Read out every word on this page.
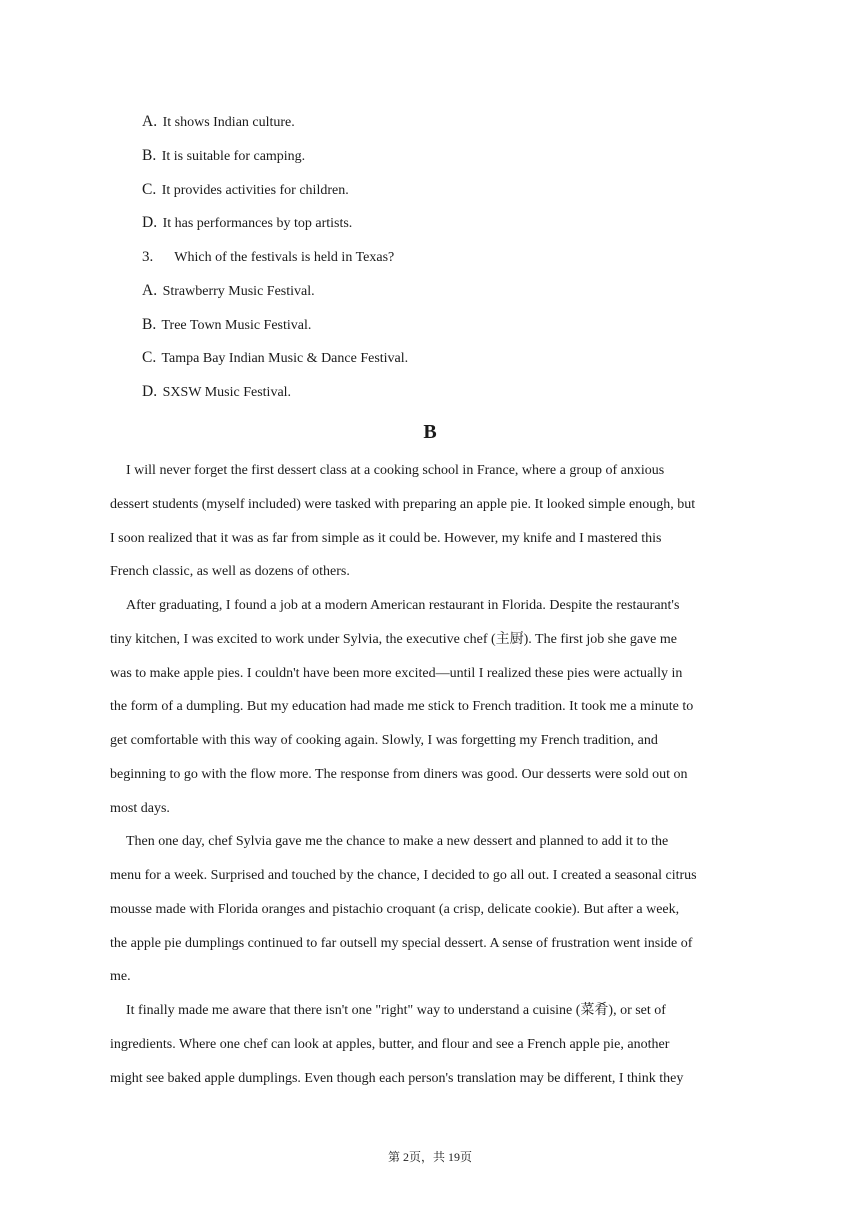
A. It shows Indian culture.
B. It is suitable for camping.
C. It provides activities for children.
D. It has performances by top artists.
3. Which of the festivals is held in Texas?
A. Strawberry Music Festival.
B. Tree Town Music Festival.
C. Tampa Bay Indian Music & Dance Festival.
D. SXSW Music Festival.
B
I will never forget the first dessert class at a cooking school in France, where a group of anxious
dessert students (myself included) were tasked with preparing an apple pie. It looked simple enough, but
I soon realized that it was as far from simple as it could be. However, my knife and I mastered this
French classic, as well as dozens of others.
After graduating, I found a job at a modern American restaurant in Florida. Despite the restaurant's
tiny kitchen, I was excited to work under Sylvia, the executive chef (主厨). The first job she gave me
was to make apple pies. I couldn't have been more excited—until I realized these pies were actually in
the form of a dumpling. But my education had made me stick to French tradition. It took me a minute to
get comfortable with this way of cooking again. Slowly, I was forgetting my French tradition, and
beginning to go with the flow more. The response from diners was good. Our desserts were sold out on
most days.
Then one day, chef Sylvia gave me the chance to make a new dessert and planned to add it to the
menu for a week. Surprised and touched by the chance, I decided to go all out. I created a seasonal citrus
mousse made with Florida oranges and pistachio croquant (a crisp, delicate cookie). But after a week,
the apple pie dumplings continued to far outsell my special dessert. A sense of frustration went inside of
me.
It finally made me aware that there isn't one "right" way to understand a cuisine (菜肴), or set of
ingredients. Where one chef can look at apples, butter, and flour and see a French apple pie, another
might see baked apple dumplings. Even though each person's translation may be different, I think they
第 2页，共 19页
